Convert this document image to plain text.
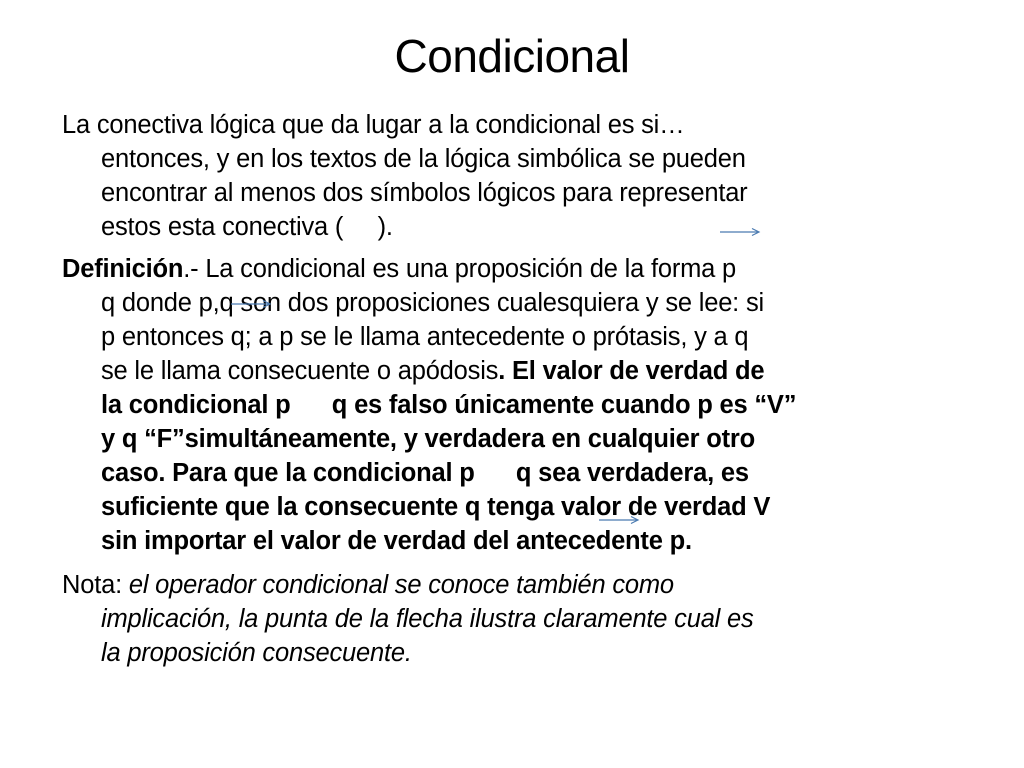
Condicional
La conectiva lógica que da lugar a la condicional es si…
entonces, y en los textos de la lógica simbólica se pueden
encontrar al menos dos símbolos lógicos para representar
estos esta conectiva (     ).
Definición.- La condicional es una proposición de la forma p
q donde p,q son dos proposiciones cualesquiera y se lee: si
p entonces q; a p se le llama antecedente o prótasis, y a q
se le llama consecuente o apódosis. El valor de verdad de
la condicional p      q es falso únicamente cuando p es “V”
y q “F”simultáneamente, y verdadera en cualquier otro
caso. Para que la condicional p      q sea verdadera, es
suficiente que la consecuente q tenga valor de verdad V
sin importar el valor de verdad del antecedente p.
Nota: el operador condicional se conoce también como
implicación, la punta de la flecha ilustra claramente cual es
la proposición consecuente.
